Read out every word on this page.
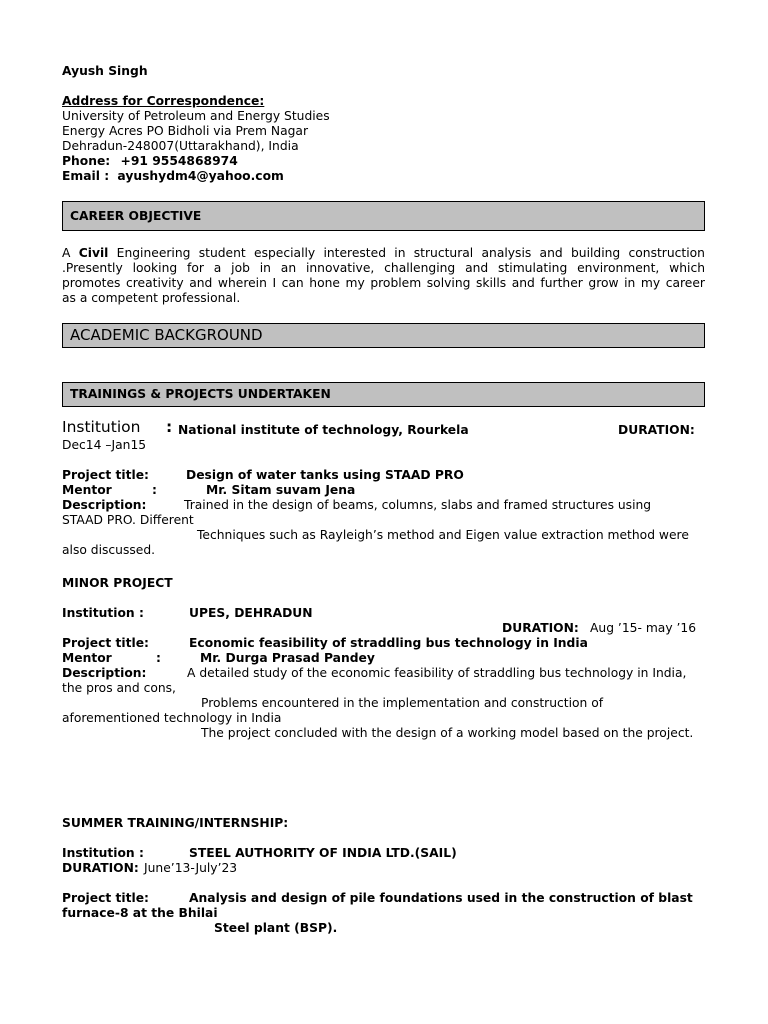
Ayush Singh
Address for Correspondence:
University of Petroleum and Energy Studies
Energy Acres PO Bidholi via Prem Nagar
Dehradun-248007(Uttarakhand), India
Phone: +91 9554868974
Email : ayushydm4@yahoo.com
CAREER OBJECTIVE
A Civil Engineering student especially interested in structural analysis and building construction
.Presently looking for a job in an innovative, challenging and stimulating environment, which
promotes creativity and wherein I can hone my problem solving skills and further grow in my career
as a competent professional.
ACADEMIC BACKGROUND
TRAININGS & PROJECTS UNDERTAKEN
Institution : National institute of technology, Rourkela	DURATION:
Dec14 –Jan15
Project title:	Design of water tanks using STAAD PRO
Mentor	:	Mr. Sitam suvam Jena
Description:	Trained in the design of beams, columns, slabs and framed structures using
STAAD PRO. Different
Techniques such as Rayleigh’s method and Eigen value extraction method were
also discussed.
MINOR PROJECT
Institution :	UPES, DEHRADUN
DURATION: Aug ’15- may ’16
Project title:	Economic feasibility of straddling bus technology in India
Mentor	:	Mr. Durga Prasad Pandey
Description:	A detailed study of the economic feasibility of straddling bus technology in India,
the pros and cons,
Problems encountered in the implementation and construction of
aforementioned technology in India
The project concluded with the design of a working model based on the project.
SUMMER TRAINING/INTERNSHIP:
Institution :	STEEL AUTHORITY OF INDIA LTD.(SAIL)
DURATION: June’13-July’23
Project title:	Analysis and design of pile foundations used in the construction of blast
furnace-8 at the Bhilai
Steel plant (BSP).
